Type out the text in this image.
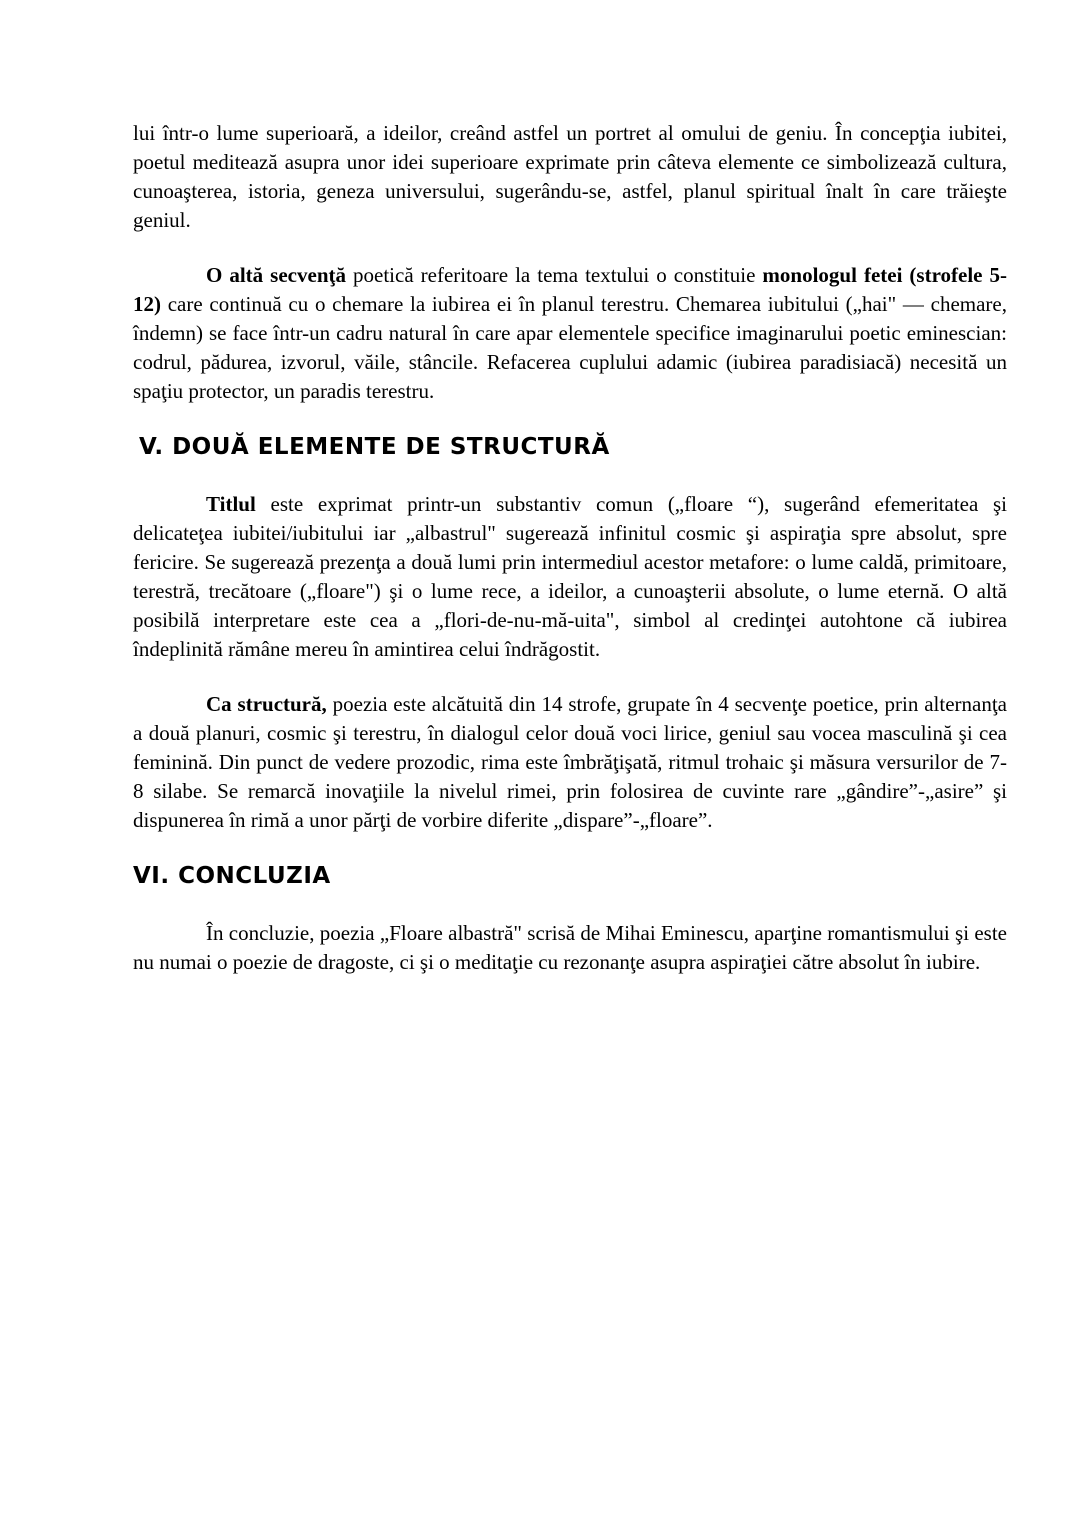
lui într-o lume superioară, a ideilor, creând astfel un portret al omului de geniu. În concepţia iubitei, poetul meditează asupra unor idei superioare exprimate prin câteva elemente ce simbolizează cultura, cunoaşterea, istoria, geneza universului, sugerându-se, astfel, planul spiritual înalt în care trăieşte geniul.

O altă secvenţă poetică referitoare la tema textului o constituie monologul fetei (strofele 5-12) care continuă cu o chemare la iubirea ei în planul terestru. Chemarea iubitului („hai" — chemare, îndemn) se face într-un cadru natural în care apar elementele specifice imaginarului poetic eminescian: codrul, pădurea, izvorul, văile, stâncile. Refacerea cuplului adamic (iubirea paradisiacă) necesită un spaţiu protector, un paradis terestru.

V. DOUĂ ELEMENTE DE STRUCTURĂ

Titlul este exprimat printr-un substantiv comun („floare “), sugerând efemeritatea şi delicateţea iubitei/iubitului iar „albastrul" sugerează infinitul cosmic şi aspiraţia spre absolut, spre fericire. Se sugerează prezenţa a două lumi prin intermediul acestor metafore: o lume caldă, primitoare, terestră, trecătoare („floare") şi o lume rece, a ideilor, a cunoaşterii absolute, o lume eternă. O altă posibilă interpretare este cea a „flori-de-nu-mă-uita", simbol al credinţei autohtone că iubirea îndeplinită rămâne mereu în amintirea celui îndrăgostit.

Ca structură, poezia este alcătuită din 14 strofe, grupate în 4 secvenţe poetice, prin alternanţa a două planuri, cosmic şi terestru, în dialogul celor două voci lirice, geniul sau vocea masculină şi cea feminină. Din punct de vedere prozodic, rima este îmbrăţişată, ritmul trohaic şi măsura versurilor de 7-8 silabe. Se remarcă inovaţiile la nivelul rimei, prin folosirea de cuvinte rare „gândire”-„asire” şi dispunerea în rimă a unor părţi de vorbire diferite „dispare”-„floare”.

VI. CONCLUZIA

În concluzie, poezia „Floare albastră" scrisă de Mihai Eminescu, aparţine romantismului şi este nu numai o poezie de dragoste, ci şi o meditaţie cu rezonanţe asupra aspiraţiei către absolut în iubire.
